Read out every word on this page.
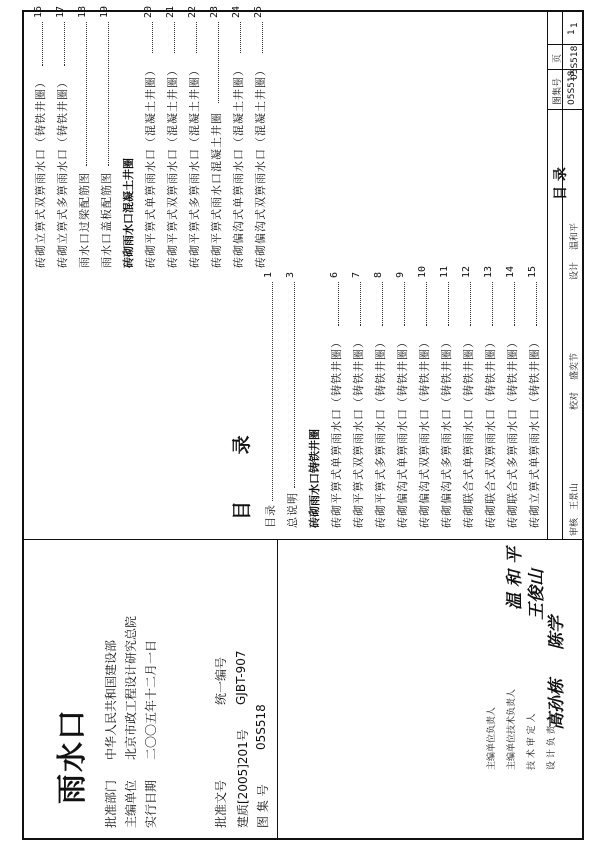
雨水口 批准部门
中华人民共和国建设部
批准文号 建质[2005]201号
主编单位
北京市政工程设计研究总院	统一编号 GJBT-907
实行日期
二〇〇五年十二月一日
图 集 号
05S518	主编单位负责人
高孙栋
主编单位技术负责人
陈学
技 术 审 定 人
王俊山
设 计 负 责 人
温 和 平
目 录 目录
1
总说明
3
砖砌雨水口铸铁井圈 砖砌平箅式单箅雨水口（铸铁井圈）
6
砖砌平箅式双箅雨水口（铸铁井圈）
7
砖砌平箅式多箅雨水口（铸铁井圈）
8
砖砌偏沟式单箅雨水口（铸铁井圈）
9
砖砌偏沟式双箅雨水口（铸铁井圈）
10
砖砌偏沟式多箅雨水口（铸铁井圈）
11
砖砌联合式单箅雨水口（铸铁井圈）
12
砖砌联合式双箅雨水口（铸铁井圈）
13
砖砌联合式多箅雨水口（铸铁井圈）
14
砖砌立箅式单箅雨水口（铸铁井圈）
15
砖砌立箅式双箅雨水口（铸铁井圈）
16
砖砌立箅式多箅雨水口（铸铁井圈）
17
雨水口过梁配筋图
18
雨水口盖板配筋图
19
砖砌雨水口混凝土井圈 砖砌平箅式单箅雨水口（混凝土井圈）
20
砖砌平箅式双箅雨水口（混凝土井圈）
21
砖砌平箅式多箅雨水口（混凝土井圈）
22
砖砌平箅式雨水口混凝土井圈
23
砖砌偏沟式单箅雨水口（混凝土井圈）
24
砖砌偏沟式双箅雨水口（混凝土井圈）
25
审核
王景山
校对
盛奕节
设计
温和平
目 录
图集号 05S518
页
1
05S518
1
